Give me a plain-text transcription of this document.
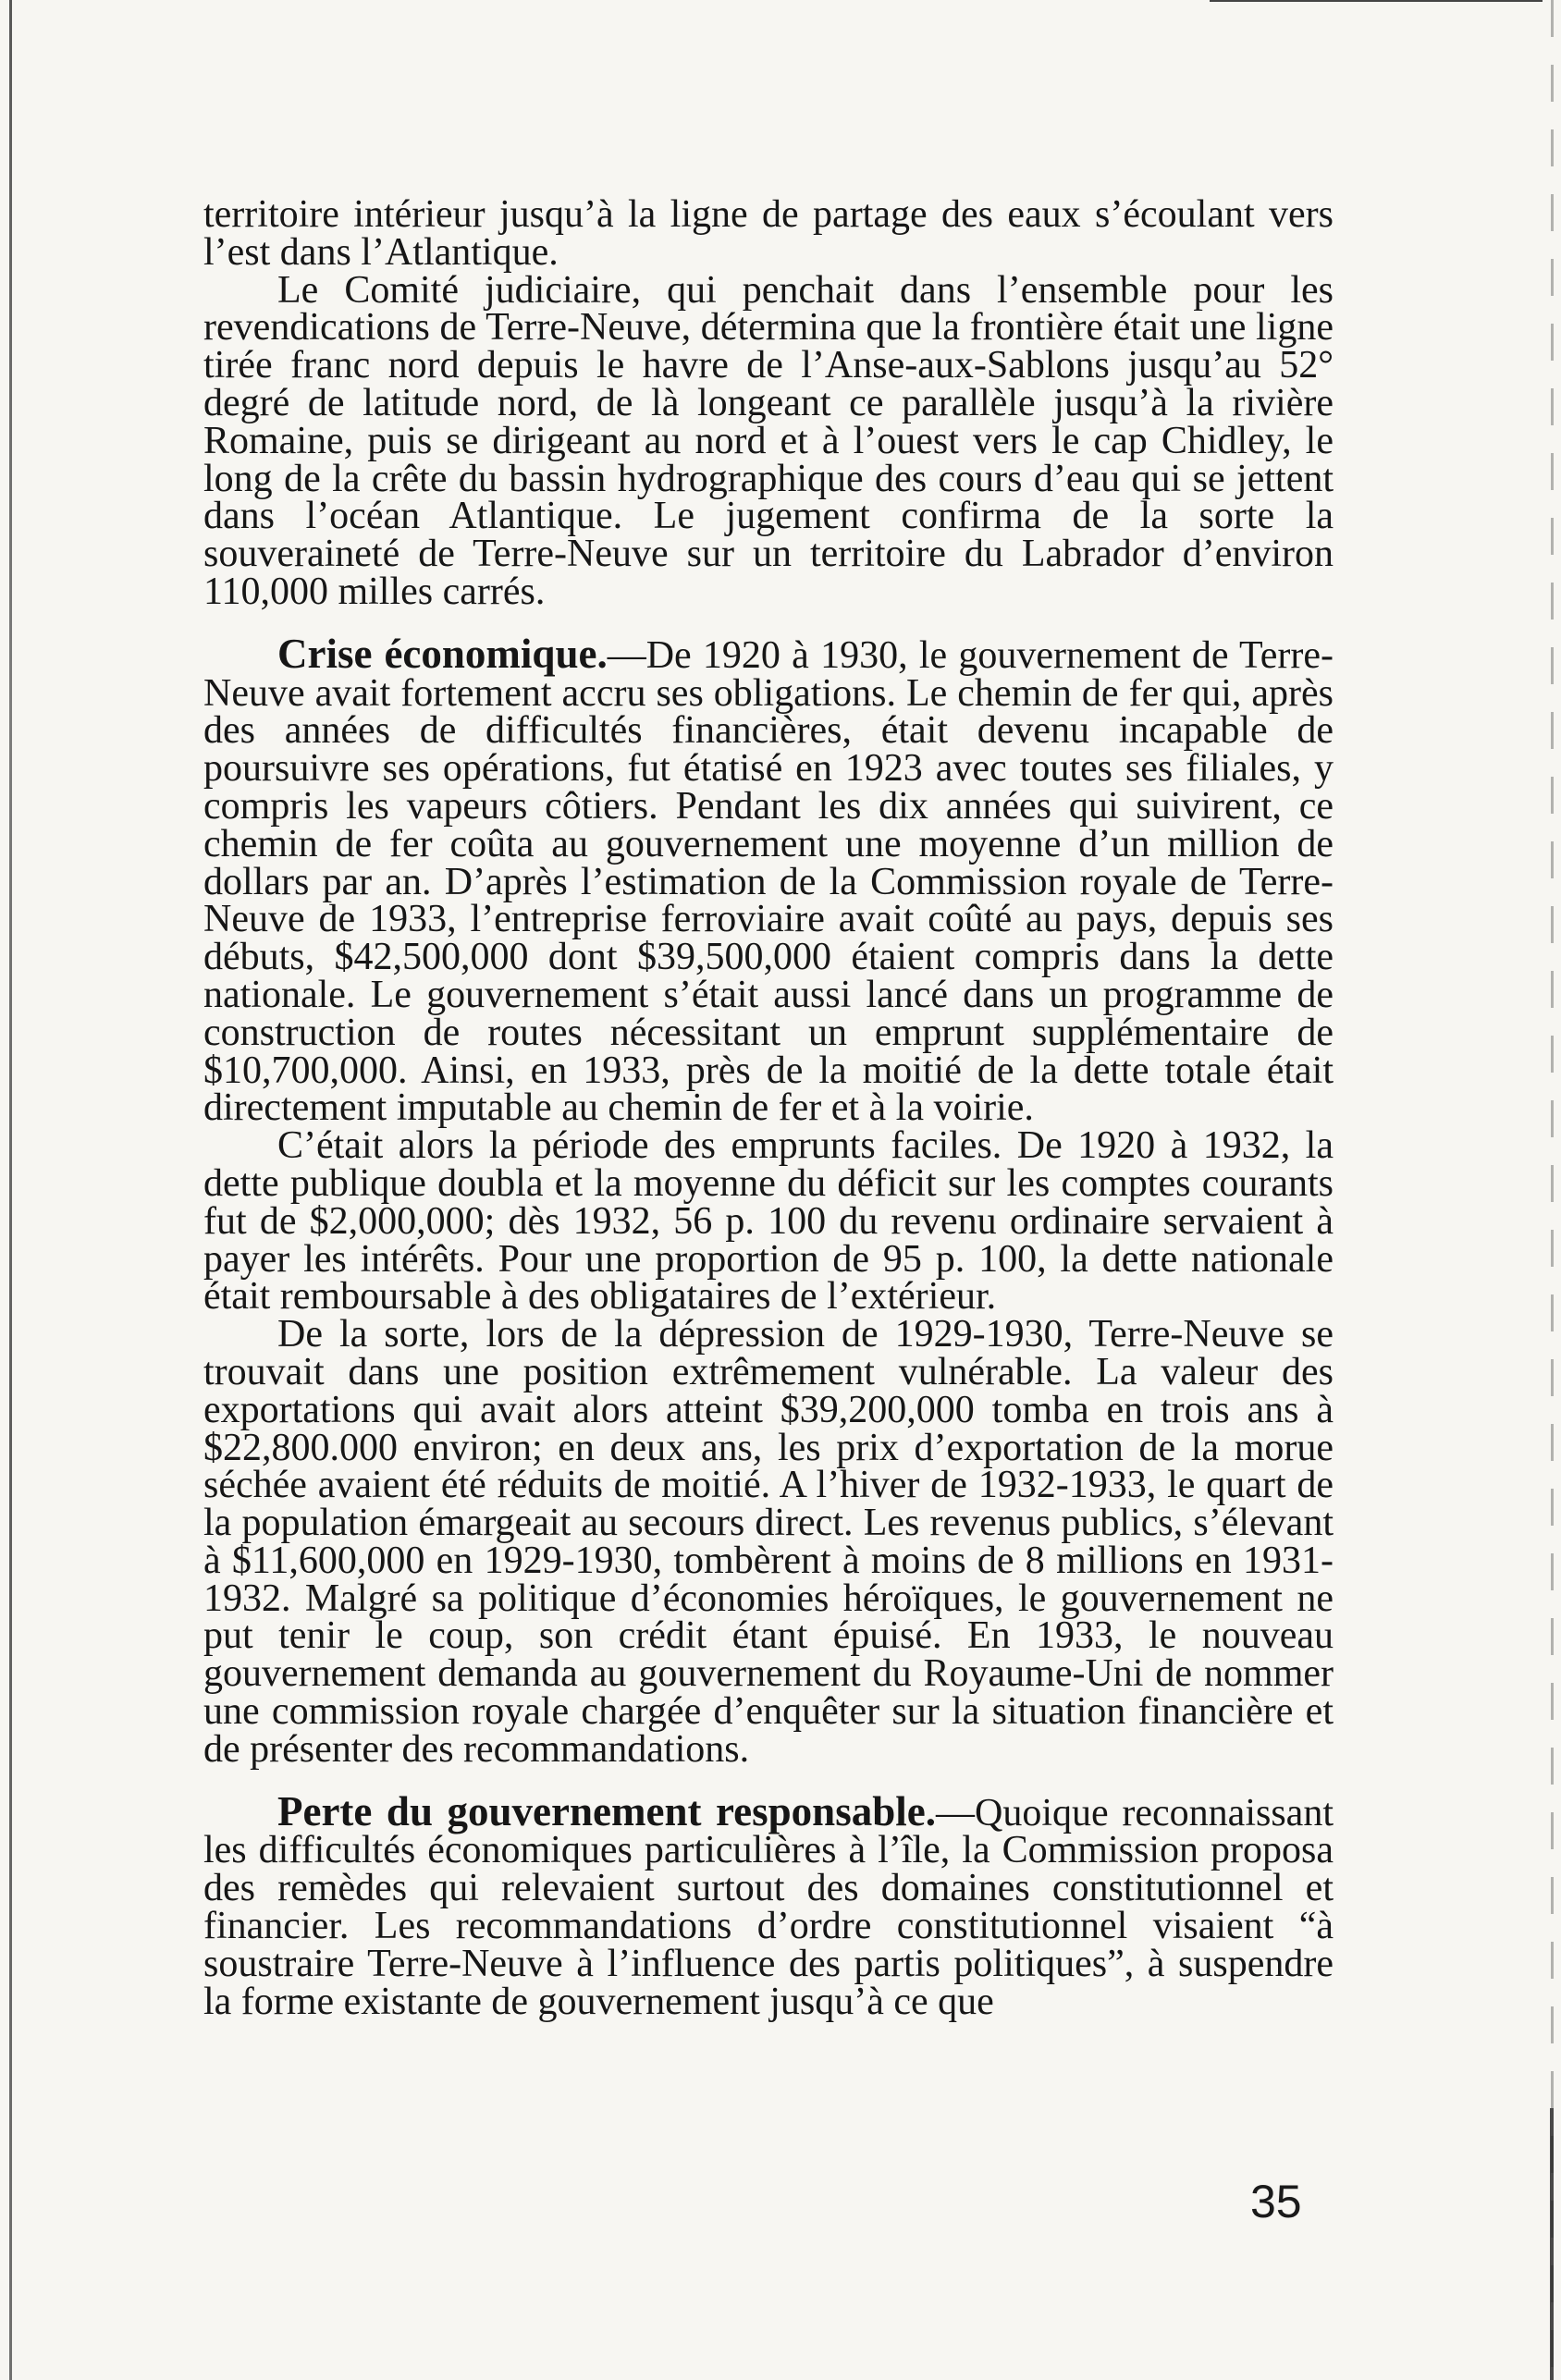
territoire intérieur jusqu’à la ligne de partage des eaux s’écoulant vers l’est dans l’Atlantique.

Le Comité judiciaire, qui penchait dans l’ensemble pour les revendications de Terre-Neuve, détermina que la frontière était une ligne tirée franc nord depuis le havre de l’Anse-aux-Sablons jusqu’au 52° degré de latitude nord, de là longeant ce parallèle jusqu’à la rivière Romaine, puis se dirigeant au nord et à l’ouest vers le cap Chidley, le long de la crête du bassin hydrographique des cours d’eau qui se jettent dans l’océan Atlantique. Le jugement confirma de la sorte la souveraineté de Terre-Neuve sur un territoire du Labrador d’environ 110,000 milles carrés.

Crise économique.—De 1920 à 1930, le gouvernement de Terre-Neuve avait fortement accru ses obligations. Le chemin de fer qui, après des années de difficultés financières, était devenu incapable de poursuivre ses opérations, fut étatisé en 1923 avec toutes ses filiales, y compris les vapeurs côtiers. Pendant les dix années qui suivirent, ce chemin de fer coûta au gouvernement une moyenne d’un million de dollars par an. D’après l’estimation de la Commission royale de Terre-Neuve de 1933, l’entreprise ferroviaire avait coûté au pays, depuis ses débuts, $42,500,000 dont $39,500,000 étaient compris dans la dette nationale. Le gouvernement s’était aussi lancé dans un programme de construction de routes nécessitant un emprunt supplémentaire de $10,700,000. Ainsi, en 1933, près de la moitié de la dette totale était directement imputable au chemin de fer et à la voirie.

C’était alors la période des emprunts faciles. De 1920 à 1932, la dette publique doubla et la moyenne du déficit sur les comptes courants fut de $2,000,000; dès 1932, 56 p. 100 du revenu ordinaire servaient à payer les intérêts. Pour une proportion de 95 p. 100, la dette nationale était remboursable à des obligataires de l’extérieur.

De la sorte, lors de la dépression de 1929-1930, Terre-Neuve se trouvait dans une position extrêmement vulnérable. La valeur des exportations qui avait alors atteint $39,200,000 tomba en trois ans à $22,800.000 environ; en deux ans, les prix d’exportation de la morue séchée avaient été réduits de moitié. A l’hiver de 1932-1933, le quart de la population émargeait au secours direct. Les revenus publics, s’élevant à $11,600,000 en 1929-1930, tombèrent à moins de 8 millions en 1931-1932. Malgré sa politique d’économies héroïques, le gouvernement ne put tenir le coup, son crédit étant épuisé. En 1933, le nouveau gouvernement demanda au gouvernement du Royaume-Uni de nommer une commission royale chargée d’enquêter sur la situation financière et de présenter des recommandations.

Perte du gouvernement responsable.—Quoique reconnaissant les difficultés économiques particulières à l’île, la Commission proposa des remèdes qui relevaient surtout des domaines constitutionnel et financier. Les recommandations d’ordre constitutionnel visaient “à soustraire Terre-Neuve à l’influence des partis politiques”, à suspendre la forme existante de gouvernement jusqu’à ce que

35
